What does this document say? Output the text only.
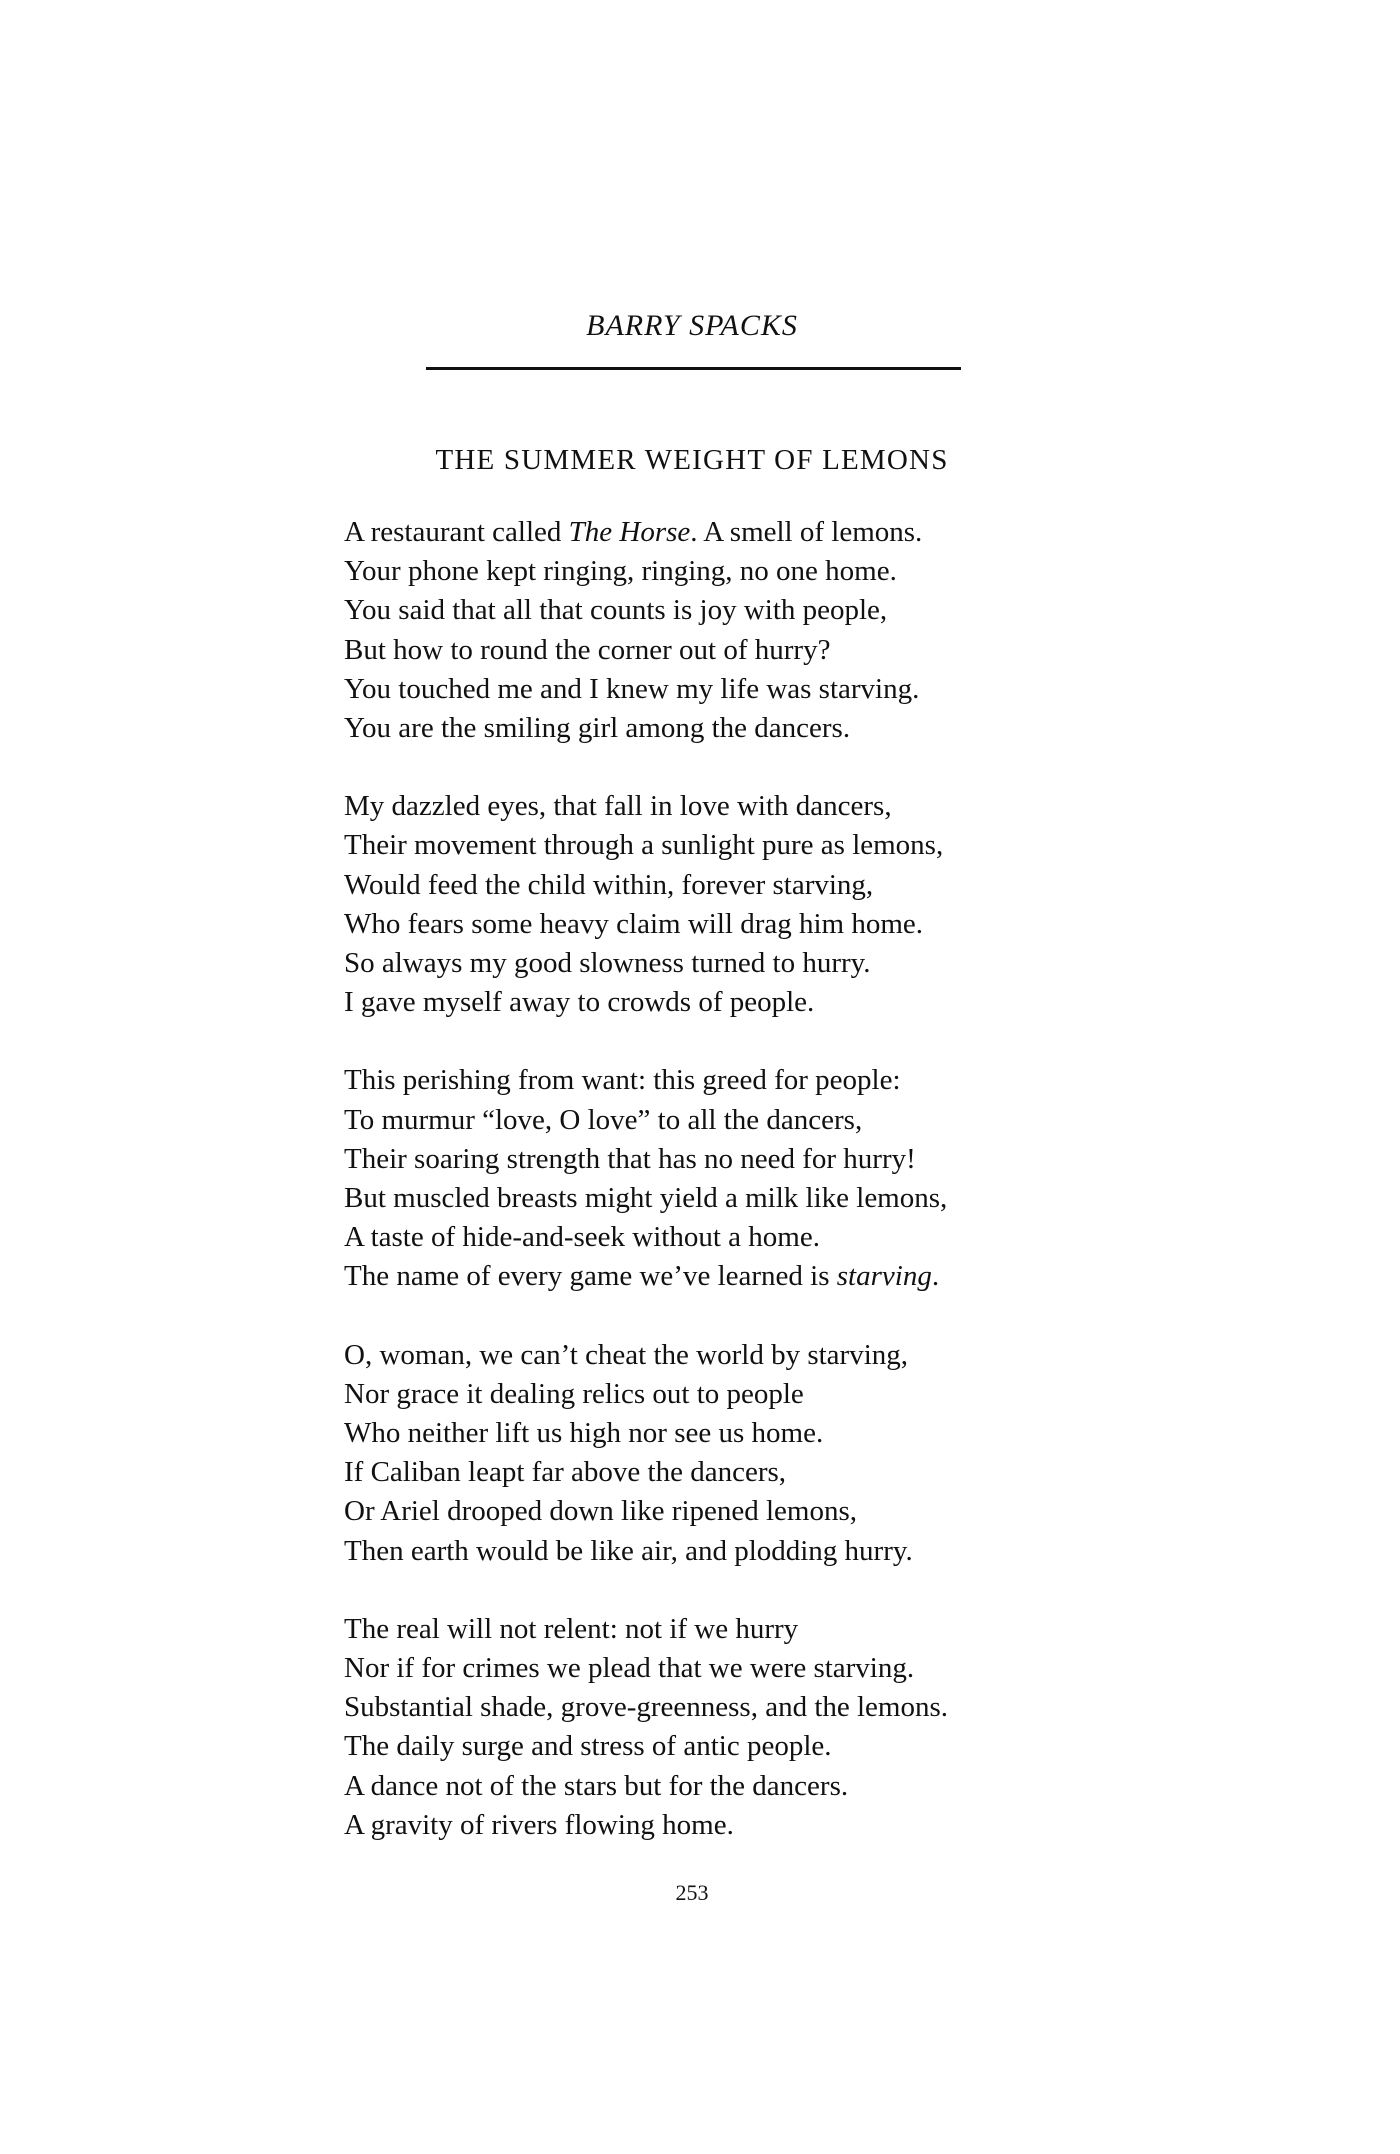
BARRY SPACKS
THE SUMMER WEIGHT OF LEMONS
A restaurant called The Horse. A smell of lemons.
Your phone kept ringing, ringing, no one home.
You said that all that counts is joy with people,
But how to round the corner out of hurry?
You touched me and I knew my life was starving.
You are the smiling girl among the dancers.
My dazzled eyes, that fall in love with dancers,
Their movement through a sunlight pure as lemons,
Would feed the child within, forever starving,
Who fears some heavy claim will drag him home.
So always my good slowness turned to hurry.
I gave myself away to crowds of people.
This perishing from want: this greed for people:
To murmur “love, O love” to all the dancers,
Their soaring strength that has no need for hurry!
But muscled breasts might yield a milk like lemons,
A taste of hide-and-seek without a home.
The name of every game we’ve learned is starving.
O, woman, we can’t cheat the world by starving,
Nor grace it dealing relics out to people
Who neither lift us high nor see us home.
If Caliban leapt far above the dancers,
Or Ariel drooped down like ripened lemons,
Then earth would be like air, and plodding hurry.
The real will not relent: not if we hurry
Nor if for crimes we plead that we were starving.
Substantial shade, grove-greenness, and the lemons.
The daily surge and stress of antic people.
A dance not of the stars but for the dancers.
A gravity of rivers flowing home.
253
